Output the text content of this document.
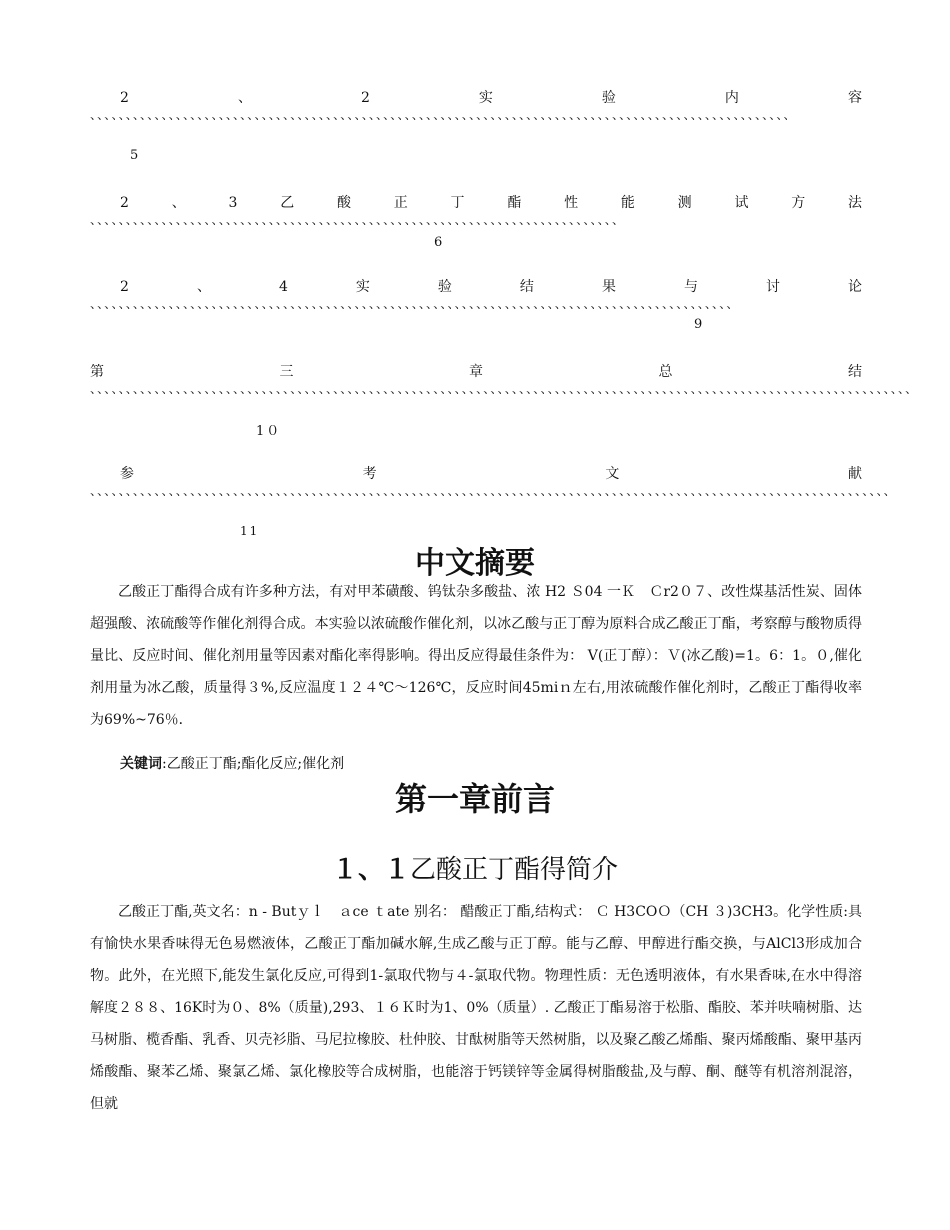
2	、	2	实	验	内	容
、、、、、、、、、、、、、、、、、、、、、、、、、、、、、、、、、、、、、、、、、、、、、、、、、、、、、、、、、、、、、、、、、、、、、、、、、、、、、、、、、、、、、、、、、、、、、、、、、、
5
2	、	3	乙	酸	正	丁	酯	性	能	测	试	方	法
、、、、、、、、、、、、、、、、、、、、、、、、、、、、、、、、、、、、、、、、、、、、、、、、、、、、、、、、、、、、、、、、、、、、、、、、、、
6
2	、	4	实	验	结	果	与	讨	论
、、、、、、、、、、、、、、、、、、、、、、、、、、、、、、、、、、、、、、、、、、、、、、、、、、、、、、、、、、、、、、、、、、、、、、、、、、、、、、、、、、、、、、、、、、
9
第	三	章	总	结
、、、、、、、、、、、、、、、、、、、、、、、、、、、、、、、、、、、、、、、、、、、、、、、、、、、、、、、、、、、、、、、、、、、、、、、、、、、、、、、、、、、、、、、、、、、、、、、、、、、、、、、、、、、、、、、、、、、
1０
参	考	文	献
、、、、、、、、、、、、、、、、、、、、、、、、、、、、、、、、、、、、、、、、、、、、、、、、、、、、、、、、、、、、、、、、、、、、、、、、、、、、、、、、、、、、、、、、、、、、、、、、、、、、、、、、、、、、、、、、
11
中文摘要
乙酸正丁酯得合成有许多种方法，有对甲苯磺酸、钨钛杂多酸盐、浓 H2 Ｓ04 一Ｋ　Ｃr2０７、改性煤基活性炭、固体超强酸、浓硫酸等作催化剂得合成。本实验以浓硫酸作催化剂，以冰乙酸与正丁醇为原料合成乙酸正丁酯，考察醇与酸物质得量比、反应时间、催化剂用量等因素对酯化率得影响。得出反应得最佳条件为： V(正丁醇）：Ｖ(冰乙酸)=1。6：1。０,催化剂用量为冰乙酸，质量得３%,反应温度１２４℃～126℃，反应时间45miｎ左右,用浓硫酸作催化剂时，乙酸正丁酯得收率为69%~76％．
关键词:乙酸正丁酯;酯化反应;催化剂
第一章前言
１、１乙酸正丁酯得简介
乙酸正丁酯,英文名：n - Butｙｌ　ａce ｔate 别名： 醋酸正丁酯,结构式： Ｃ H3COＯ（CH ３)3CH3。化学性质:具有愉快水果香味得无色易燃液体，乙酸正丁酯加碱水解,生成乙酸与正丁醇。能与乙醇、甲醇进行酯交换，与AlCl3形成加合物。此外，在光照下,能发生氯化反应,可得到1-氯取代物与４-氯取代物。物理性质：无色透明液体，有水果香味,在水中得溶解度２８８、16K时为０、8%（质量),293、１６Ｋ时为1、0%（质量）. 乙酸正丁酯易溶于松脂、酯胶、苯并呋喃树脂、达马树脂、榄香酯、乳香、贝壳衫脂、马尼拉橡胶、杜仲胶、甘酞树脂等天然树脂，以及聚乙酸乙烯酯、聚丙烯酸酯、聚甲基丙烯酸酯、聚苯乙烯、聚氯乙烯、氯化橡胶等合成树脂，也能溶于钙镁锌等金属得树脂酸盐,及与醇、酮、醚等有机溶剂混溶，但就
